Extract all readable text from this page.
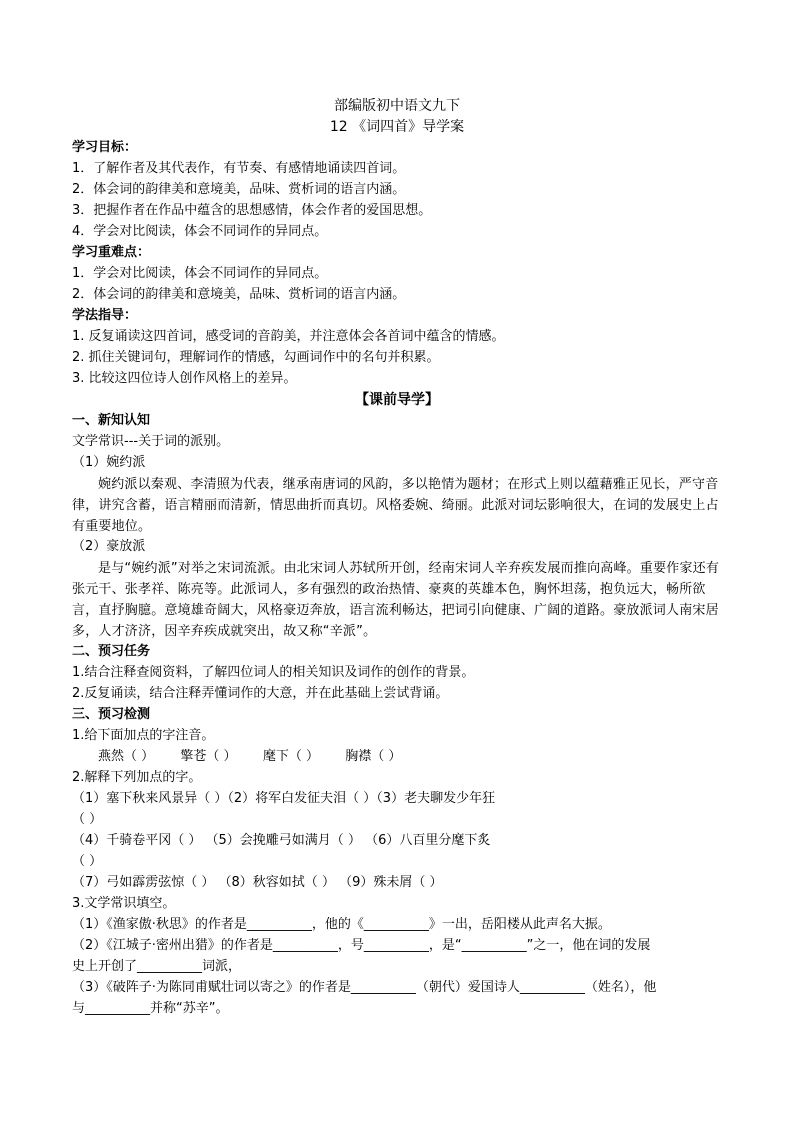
部编版初中语文九下
12 《词四首》导学案
学习目标：
1．了解作者及其代表作，有节奏、有感情地诵读四首词。
2．体会词的韵律美和意境美，品味、赏析词的语言内涵。
3．把握作者在作品中蕴含的思想感情，体会作者的爱国思想。
4．学会对比阅读，体会不同词作的异同点。
学习重难点：
1．学会对比阅读，体会不同词作的异同点。
2．体会词的韵律美和意境美，品味、赏析词的语言内涵。
学法指导：
1. 反复诵读这四首词，感受词的音韵美，并注意体会各首词中蕴含的情感。
2. 抓住关键词句，理解词作的情感，勾画词作中的名句并积累。
3. 比较这四位诗人创作风格上的差异。
【课前导学】
一、新知认知
文学常识---关于词的派别。
（1）婉约派
婉约派以秦观、李清照为代表，继承南唐词的风韵，多以艳情为题材；在形式上则以蕴藉雅正见长，严守音律，讲究含蓄，语言精丽而清新，情思曲折而真切。风格委婉、绮丽。此派对词坛影响很大，在词的发展史上占有重要地位。
（2）豪放派
是与“婉约派”对举之宋词流派。由北宋词人苏轼所开创，经南宋词人辛弃疾发展而推向高峰。重要作家还有张元干、张孝祥、陈亮等。此派词人，多有强烈的政治热情、豪爽的英雄本色，胸怀坦荡，抱负远大，畅所欲言，直抒胸臆。意境雄奇阔大，风格豪迈奔放，语言流利畅达，把词引向健康、广阔的道路。豪放派词人南宋居多，人才济济，因辛弃疾成就突出，故又称“辛派”。
二、预习任务
1.结合注释查阅资料，了解四位词人的相关知识及词作的创作的背景。
2.反复诵读，结合注释弄懂词作的大意，并在此基础上尝试背诵。
三、预习检测
1.给下面加点的字注音。
燕然（ ） 擎苍（ ） 麾下（ ） 胸襟（ ）
2.解释下列加点的字。
（1）塞下秋来风景异（ ）（2）将军白发征夫泪（ ）（3）老夫聊发少年狂
（ ）
（4）千骑卷平冈（ ） （5）会挽雕弓如满月（ ） （6）八百里分麾下炙
（ ）
（7）弓如霹雳弦惊（ ） （8）秋容如拭（ ） （9）殊未屑（ ）
3.文学常识填空。
（1）《渔家傲·秋思》的作者是__________，他的《__________》一出，岳阳楼从此声名大振。
（2）《江城子·密州出猎》的作者是__________，号__________，是“__________”之一，他在词的发展
史上开创了__________词派，
（3）《破阵子·为陈同甫赋壮词以寄之》的作者是__________（朝代）爱国诗人__________（姓名），他
与__________并称“苏辛”。
